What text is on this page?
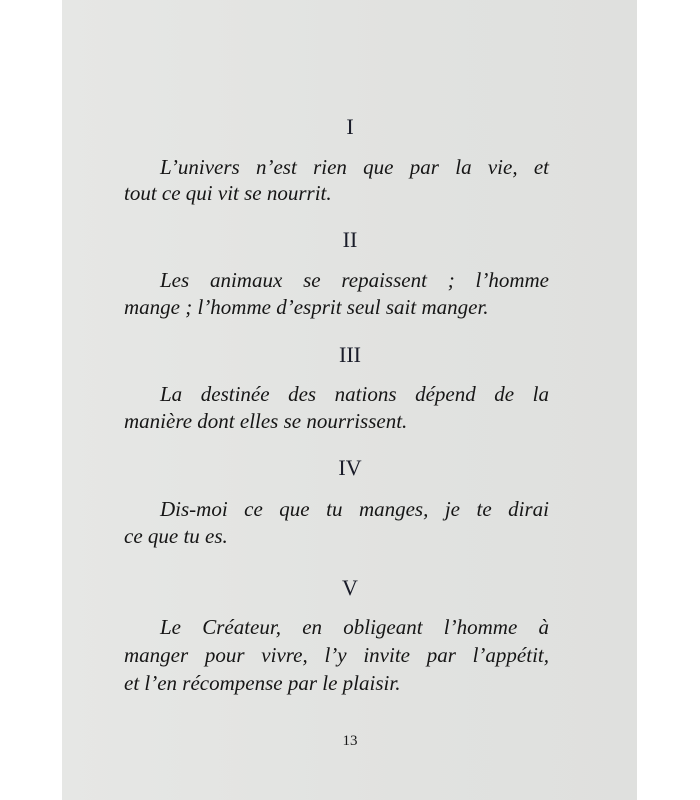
I
L’univers n’est rien que par la vie, et
tout ce qui vit se nourrit.
II
Les animaux se repaissent ; l’homme
mange ; l’homme d’esprit seul sait manger.
III
La destinée des nations dépend de la
manière dont elles se nourrissent.
IV
Dis-moi ce que tu manges, je te dirai
ce que tu es.
V
Le Créateur, en obligeant l’homme à
manger pour vivre, l’y invite par l’appétit,
et l’en récompense par le plaisir.
13
